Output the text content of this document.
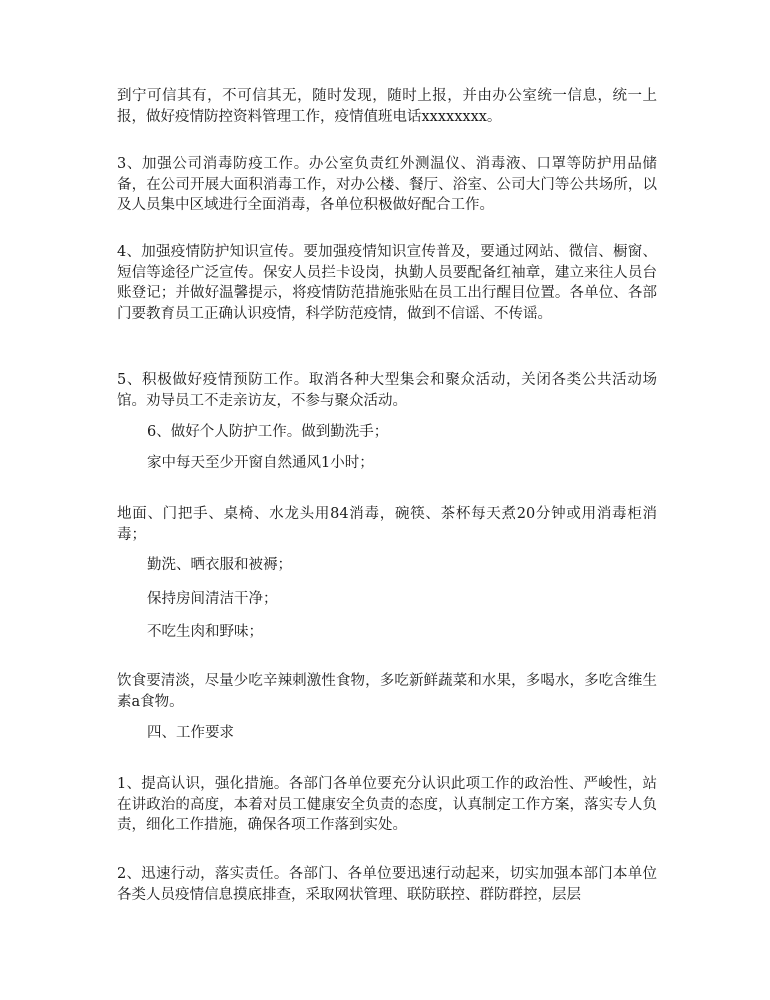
到宁可信其有，不可信其无，随时发现，随时上报，并由办公室统一信息，统一上报，做好疫情防控资料管理工作，疫情值班电话xxxxxxxx。

3、加强公司消毒防疫工作。办公室负责红外测温仪、消毒液、口罩等防护用品储备，在公司开展大面积消毒工作，对办公楼、餐厅、浴室、公司大门等公共场所，以及人员集中区域进行全面消毒，各单位积极做好配合工作。

4、加强疫情防护知识宣传。要加强疫情知识宣传普及，要通过网站、微信、橱窗、短信等途径广泛宣传。保安人员拦卡设岗，执勤人员要配备红袖章，建立来往人员台账登记；并做好温馨提示，将疫情防范措施张贴在员工出行醒目位置。各单位、各部门要教育员工正确认识疫情，科学防范疫情，做到不信谣、不传谣。

5、积极做好疫情预防工作。取消各种大型集会和聚众活动，关闭各类公共活动场馆。劝导员工不走亲访友，不参与聚众活动。

6、做好个人防护工作。做到勤洗手；

家中每天至少开窗自然通风1小时；

地面、门把手、桌椅、水龙头用84消毒，碗筷、茶杯每天煮20分钟或用消毒柜消毒；

勤洗、晒衣服和被褥；

保持房间清洁干净；

不吃生肉和野味；

饮食要清淡，尽量少吃辛辣刺激性食物，多吃新鲜蔬菜和水果，多喝水，多吃含维生素a食物。

四、工作要求

1、提高认识，强化措施。各部门各单位要充分认识此项工作的政治性、严峻性，站在讲政治的高度，本着对员工健康安全负责的态度，认真制定工作方案，落实专人负责，细化工作措施，确保各项工作落到实处。

2、迅速行动，落实责任。各部门、各单位要迅速行动起来，切实加强本部门本单位各类人员疫情信息摸底排查，采取网状管理、联防联控、群防群控，层层
